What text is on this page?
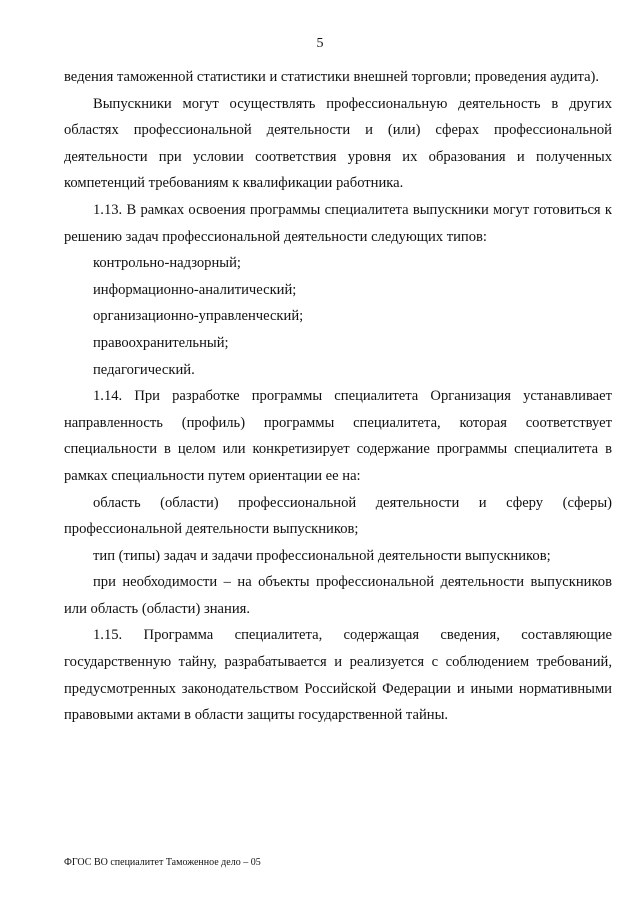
5

ведения таможенной статистики и статистики внешней торговли; проведения аудита).

Выпускники могут осуществлять профессиональную деятельность в других областях профессиональной деятельности и (или) сферах профессиональной деятельности при условии соответствия уровня их образования и полученных компетенций требованиям к квалификации работника.

1.13. В рамках освоения программы специалитета выпускники могут готовиться к решению задач профессиональной деятельности следующих типов:

контрольно-надзорный;

информационно-аналитический;

организационно-управленческий;

правоохранительный;

педагогический.

1.14. При разработке программы специалитета Организация устанавливает направленность (профиль) программы специалитета, которая соответствует специальности в целом или конкретизирует содержание программы специалитета в рамках специальности путем ориентации ее на:

область (области) профессиональной деятельности и сферу (сферы) профессиональной деятельности выпускников;

тип (типы) задач и задачи профессиональной деятельности выпускников;

при необходимости – на объекты профессиональной деятельности выпускников или область (области) знания.

1.15. Программа специалитета, содержащая сведения, составляющие государственную тайну, разрабатывается и реализуется с соблюдением требований, предусмотренных законодательством Российской Федерации и иными нормативными правовыми актами в области защиты государственной тайны.

ФГОС ВО специалитет Таможенное дело – 05
